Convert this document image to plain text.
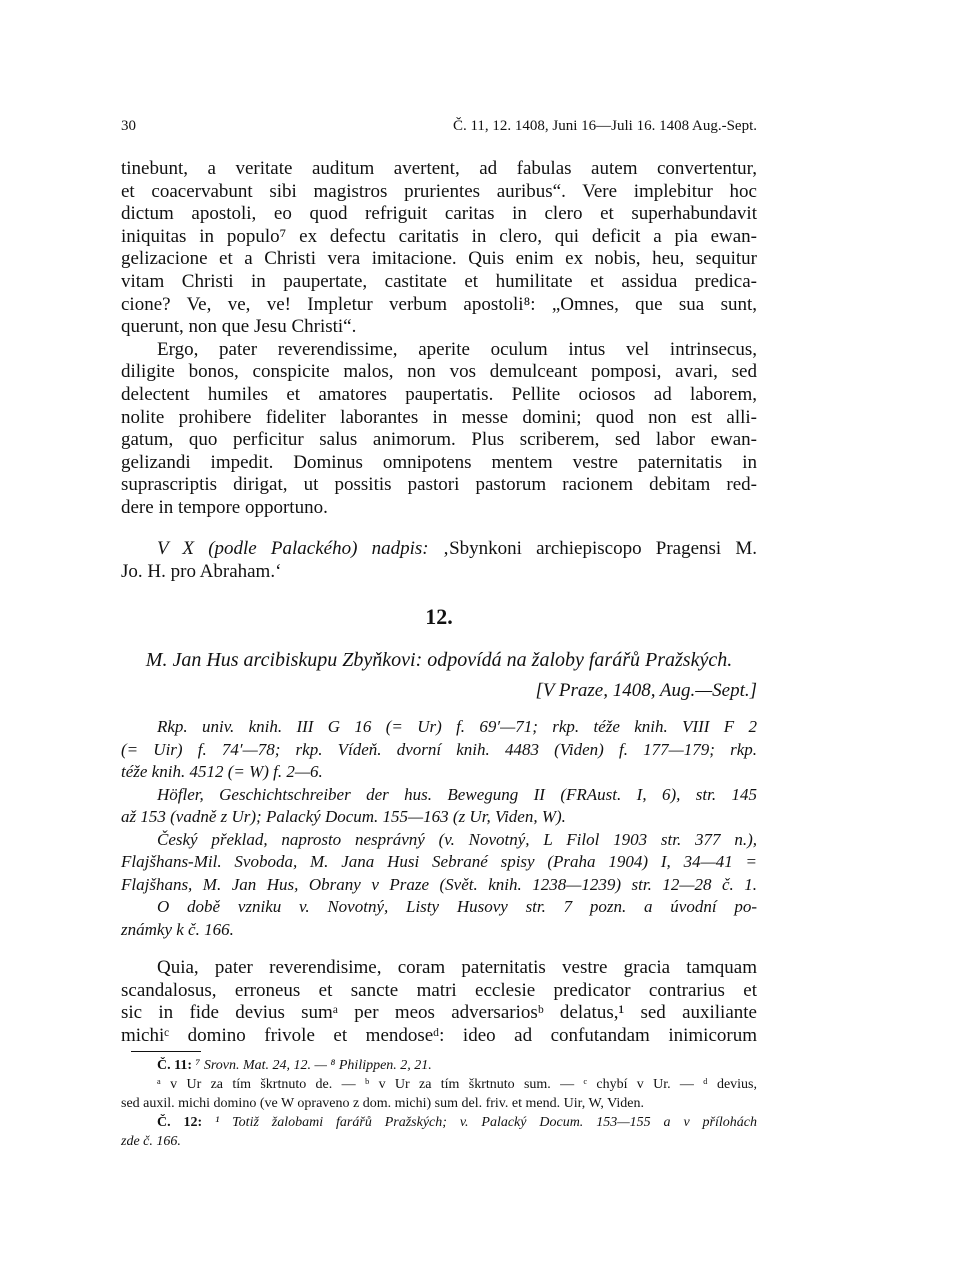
30	Č. 11, 12. 1408, Juni 16—Juli 16. 1408 Aug.-Sept.
tinebunt, a veritate auditum avertent, ad fabulas autem convertentur,
et coacervabunt sibi magistros prurientes auribus“. Vere implebitur hoc
dictum apostoli, eo quod refriguit caritas in clero et superhabundavit
iniquitas in populo⁷ ex defectu caritatis in clero, qui deficit a pia ewan-
gelizacione et a Christi vera imitacione. Quis enim ex nobis, heu, sequitur
vitam Christi in paupertate, castitate et humilitate et assidua predica-
cione? Ve, ve, ve! Impletur verbum apostoli⁸: „Omnes, que sua sunt,
querunt, non que Jesu Christi“.
Ergo, pater reverendissime, aperite oculum intus vel intrinsecus,
diligite bonos, conspicite malos, non vos demulceant pomposi, avari, sed
delectent humiles et amatores paupertatis. Pellite ociosos ad laborem,
nolite prohibere fideliter laborantes in messe domini; quod non est alli-
gatum, quo perficitur salus animorum. Plus scriberem, sed labor ewan-
gelizandi impedit. Dominus omnipotens mentem vestre paternitatis in
suprascriptis dirigat, ut possitis pastori pastorum racionem debitam red-
dere in tempore opportuno.
V X (podle Palackého) nadpis: ‚Sbynkoni archiepiscopo Pragensi M.
Jo. H. pro Abraham.‘
12.
M. Jan Hus arcibiskupu Zbyňkovi: odpovídá na žaloby farářů Pražských.
[V Praze, 1408, Aug.—Sept.]
Rkp. univ. knih. III G 16 (= Ur) f. 69′—71; rkp. téže knih. VIII F 2
(= Uir) f. 74′—78; rkp. Vídeň. dvorní knih. 4483 (Viden) f. 177—179; rkp.
téže knih. 4512 (= W) f. 2—6.
Höfler, Geschichtschreiber der hus. Bewegung II (FRAust. I, 6), str. 145
až 153 (vadně z Ur); Palacký Docum. 155—163 (z Ur, Viden, W).
Český překlad, naprosto nesprávný (v. Novotný, L Filol 1903 str. 377 n.),
Flajšhans-Mil. Svoboda, M. Jana Husi Sebrané spisy (Praha 1904) I, 34—41 =
Flajšhans, M. Jan Hus, Obrany v Praze (Svět. knih. 1238—1239) str. 12—28 č. 1.
O době vzniku v. Novotný, Listy Husovy str. 7 pozn. a úvodní po-
známky k č. 166.
Quia, pater reverendisime, coram paternitatis vestre gracia tamquam
scandalosus, erroneus et sancte matri ecclesie predicator contrarius et
sic in fide devius sumᵃ per meos adversariosᵇ delatus,¹ sed auxiliante
michiᶜ domino frivole et mendoseᵈ: ideo ad confutandam inimicorum
Č. 11: ⁷ Srovn. Mat. 24, 12. — ⁸ Philippen. 2, 21.
ᵃ v Ur za tím škrtnuto de. — ᵇ v Ur za tím škrtnuto sum. — ᶜ chybí v Ur. — ᵈ devius,
sed auxil. michi domino (ve W opraveno z dom. michi) sum del. friv. et mend. Uir, W, Viden.
Č. 12: ¹ Totiž žalobami farářů Pražských; v. Palacký Docum. 153—155 a v přílohách
zde č. 166.
